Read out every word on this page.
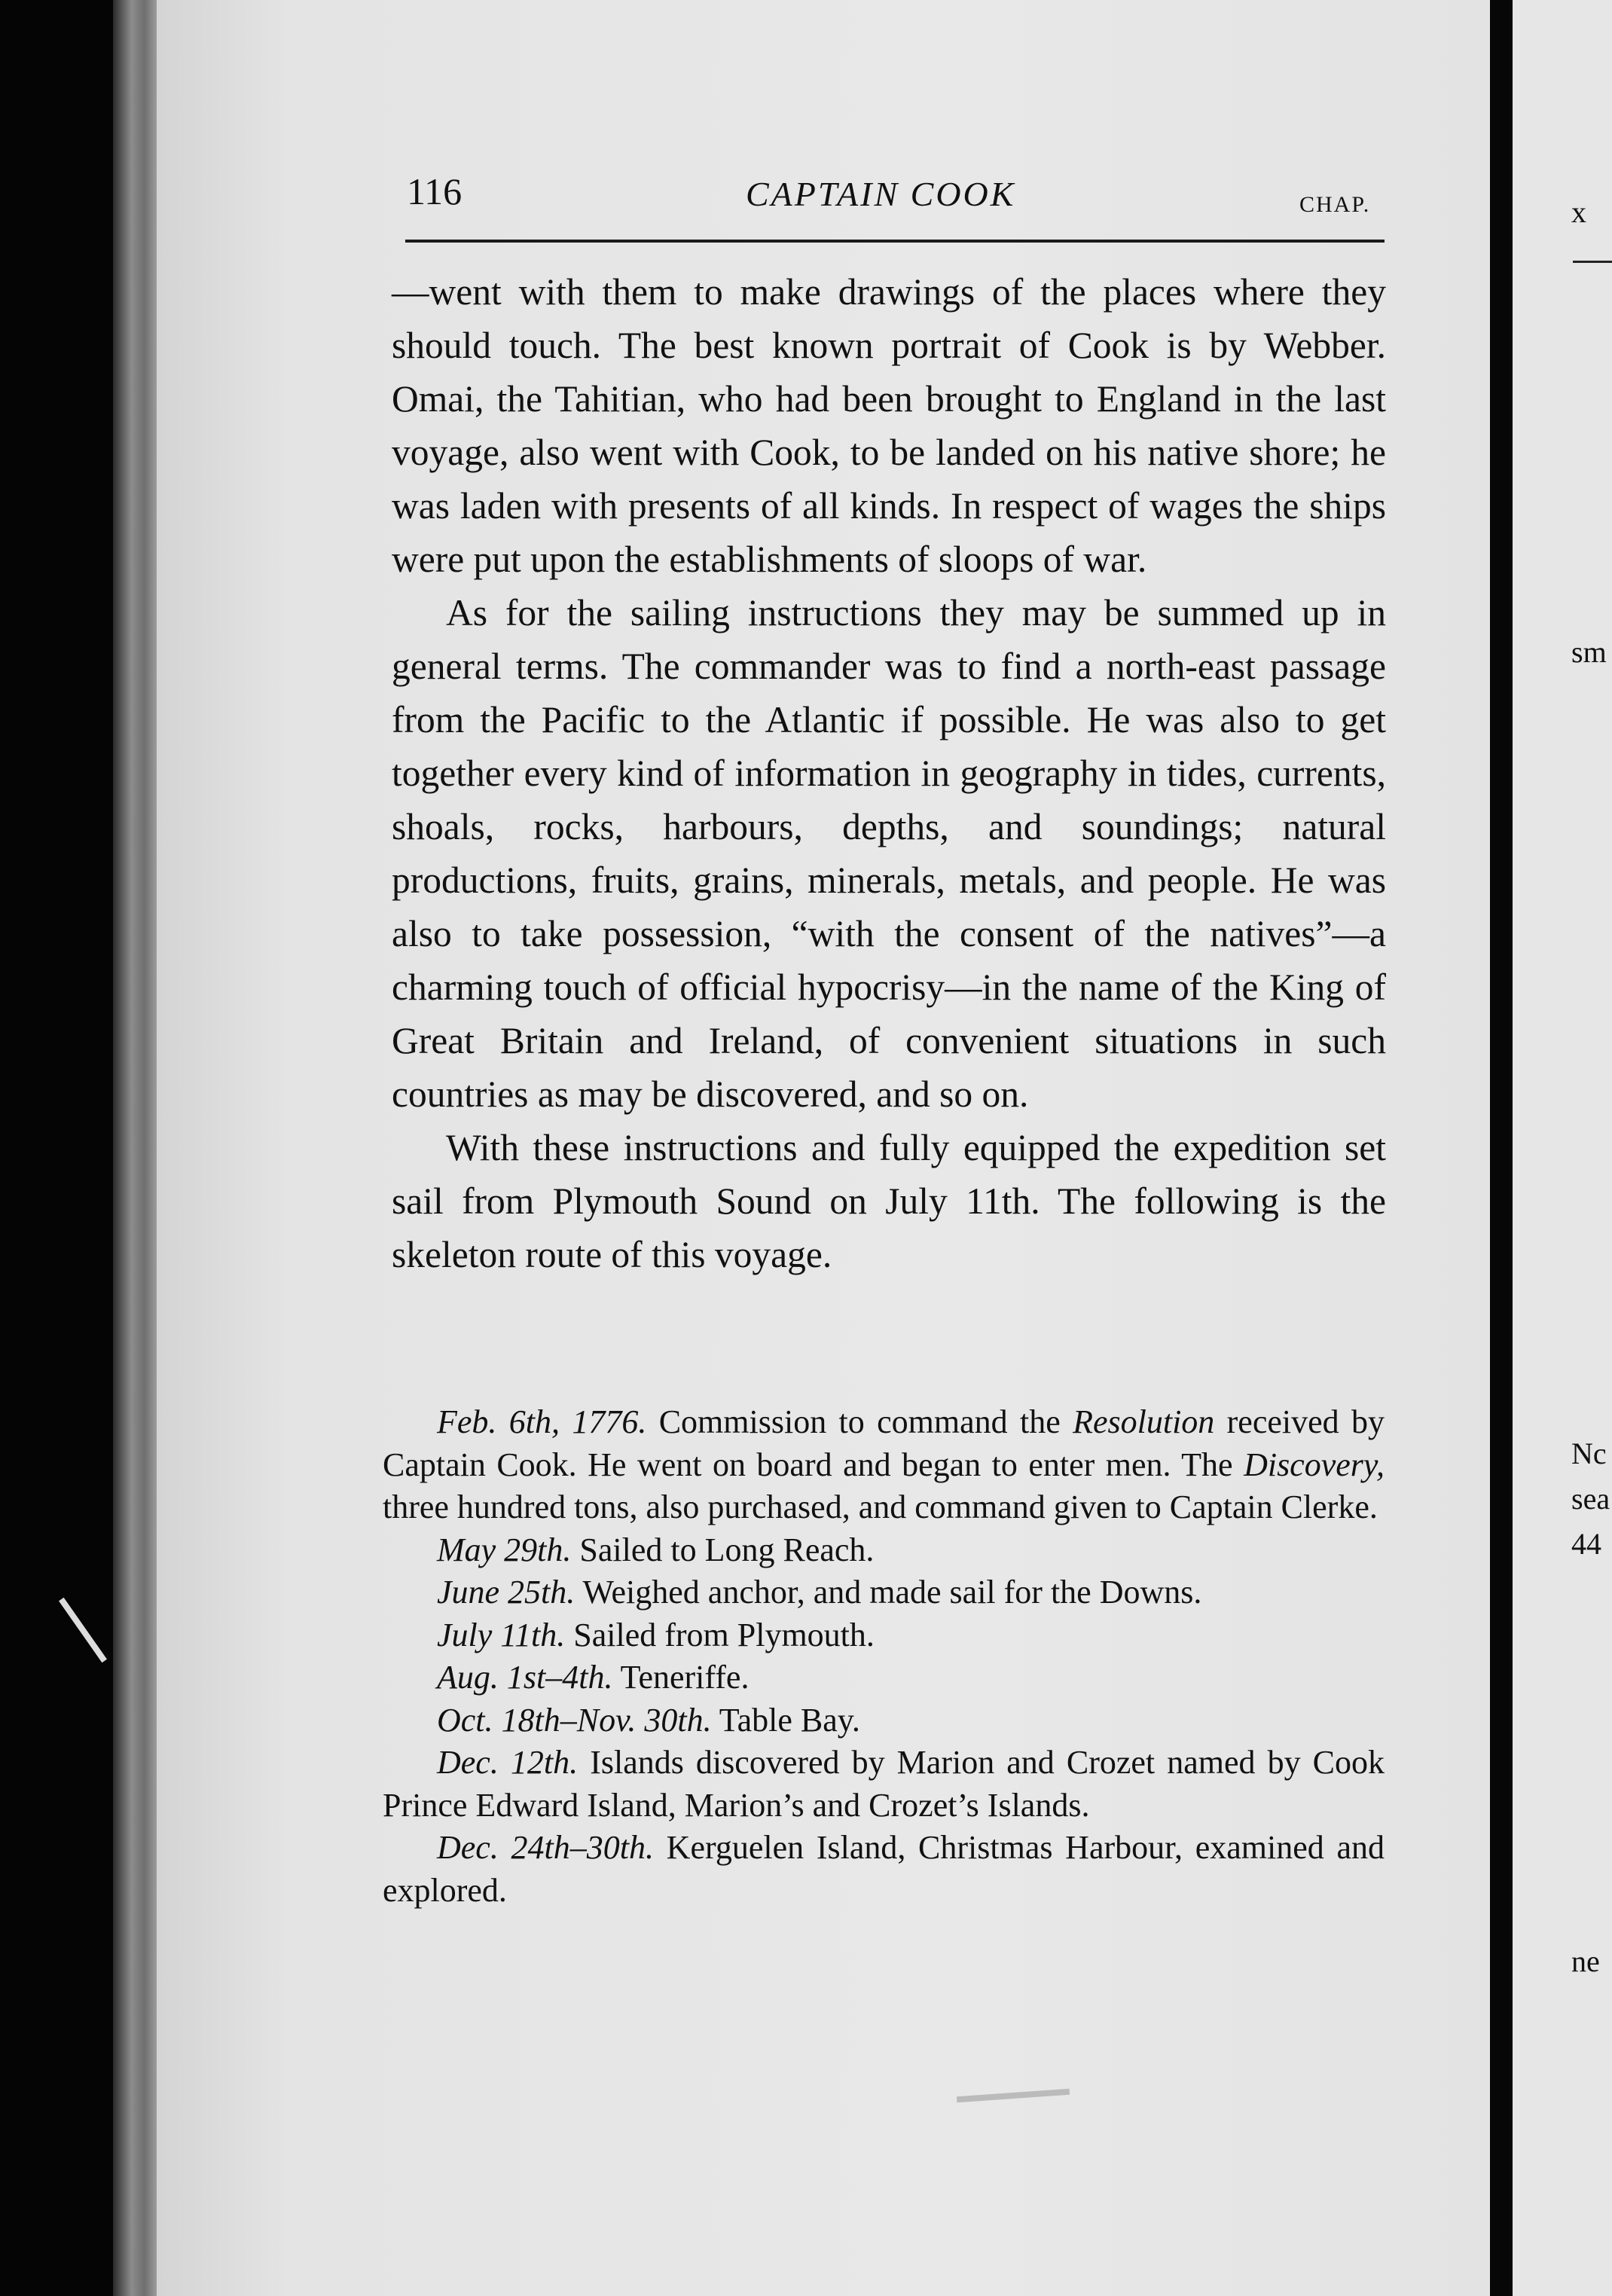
x
sm
Nc
sea
44
ne
116	CAPTAIN COOK	CHAP.

—went with them to make drawings of the places where they should touch. The best known portrait of Cook is by Webber. Omai, the Tahitian, who had been brought to England in the last voyage, also went with Cook, to be landed on his native shore; he was laden with presents of all kinds. In respect of wages the ships were put upon the establishments of sloops of war.

As for the sailing instructions they may be summed up in general terms. The commander was to find a north-east passage from the Pacific to the Atlantic if possible. He was also to get together every kind of information in geography in tides, currents, shoals, rocks, harbours, depths, and soundings; natural productions, fruits, grains, minerals, metals, and people. He was also to take possession, “with the consent of the natives”—a charming touch of official hypocrisy—in the name of the King of Great Britain and Ireland, of convenient situations in such countries as may be discovered, and so on.

With these instructions and fully equipped the expedition set sail from Plymouth Sound on July 11th. The following is the skeleton route of this voyage.

Feb. 6th, 1776. Commission to command the Resolution received by Captain Cook. He went on board and began to enter men. The Discovery, three hundred tons, also purchased, and command given to Captain Clerke.

May 29th. Sailed to Long Reach.

June 25th. Weighed anchor, and made sail for the Downs.

July 11th. Sailed from Plymouth.

Aug. 1st–4th. Teneriffe.

Oct. 18th–Nov. 30th. Table Bay.

Dec. 12th. Islands discovered by Marion and Crozet named by Cook Prince Edward Island, Marion’s and Crozet’s Islands.

Dec. 24th–30th. Kerguelen Island, Christmas Harbour, examined and explored.
